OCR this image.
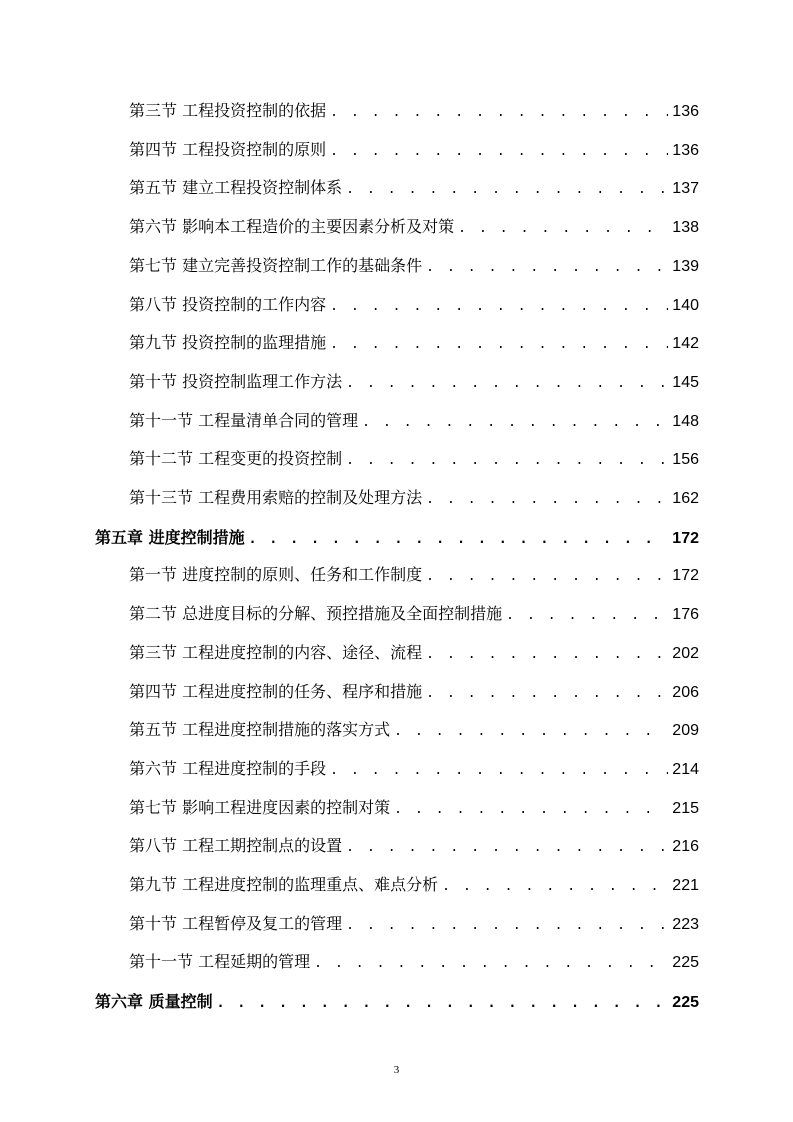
第三节 工程投资控制的依据 . . .	136
第四节 工程投资控制的原则 . . .	136
第五节 建立工程投资控制体系 . . .	137
第六节 影响本工程造价的主要因素分析及对策 . . .	138
第七节 建立完善投资控制工作的基础条件 . . .	139
第八节 投资控制的工作内容 . . .	140
第九节 投资控制的监理措施 . . .	142
第十节 投资控制监理工作方法 . . .	145
第十一节 工程量清单合同的管理 . . .	148
第十二节 工程变更的投资控制 . . .	156
第十三节 工程费用索赔的控制及处理方法 . . .	162
第五章 进度控制措施 . . .	172
第一节 进度控制的原则、任务和工作制度 . . .	172
第二节 总进度目标的分解、预控措施及全面控制措施 . . .	176
第三节 工程进度控制的内容、途径、流程 . . .	202
第四节 工程进度控制的任务、程序和措施 . . .	206
第五节 工程进度控制措施的落实方式 . . .	209
第六节 工程进度控制的手段 . . .	214
第七节 影响工程进度因素的控制对策 . . .	215
第八节 工程工期控制点的设置 . . .	216
第九节 工程进度控制的监理重点、难点分析 . . .	221
第十节 工程暂停及复工的管理 . . .	223
第十一节 工程延期的管理 . . .	225
第六章 质量控制 . . .	225
3
